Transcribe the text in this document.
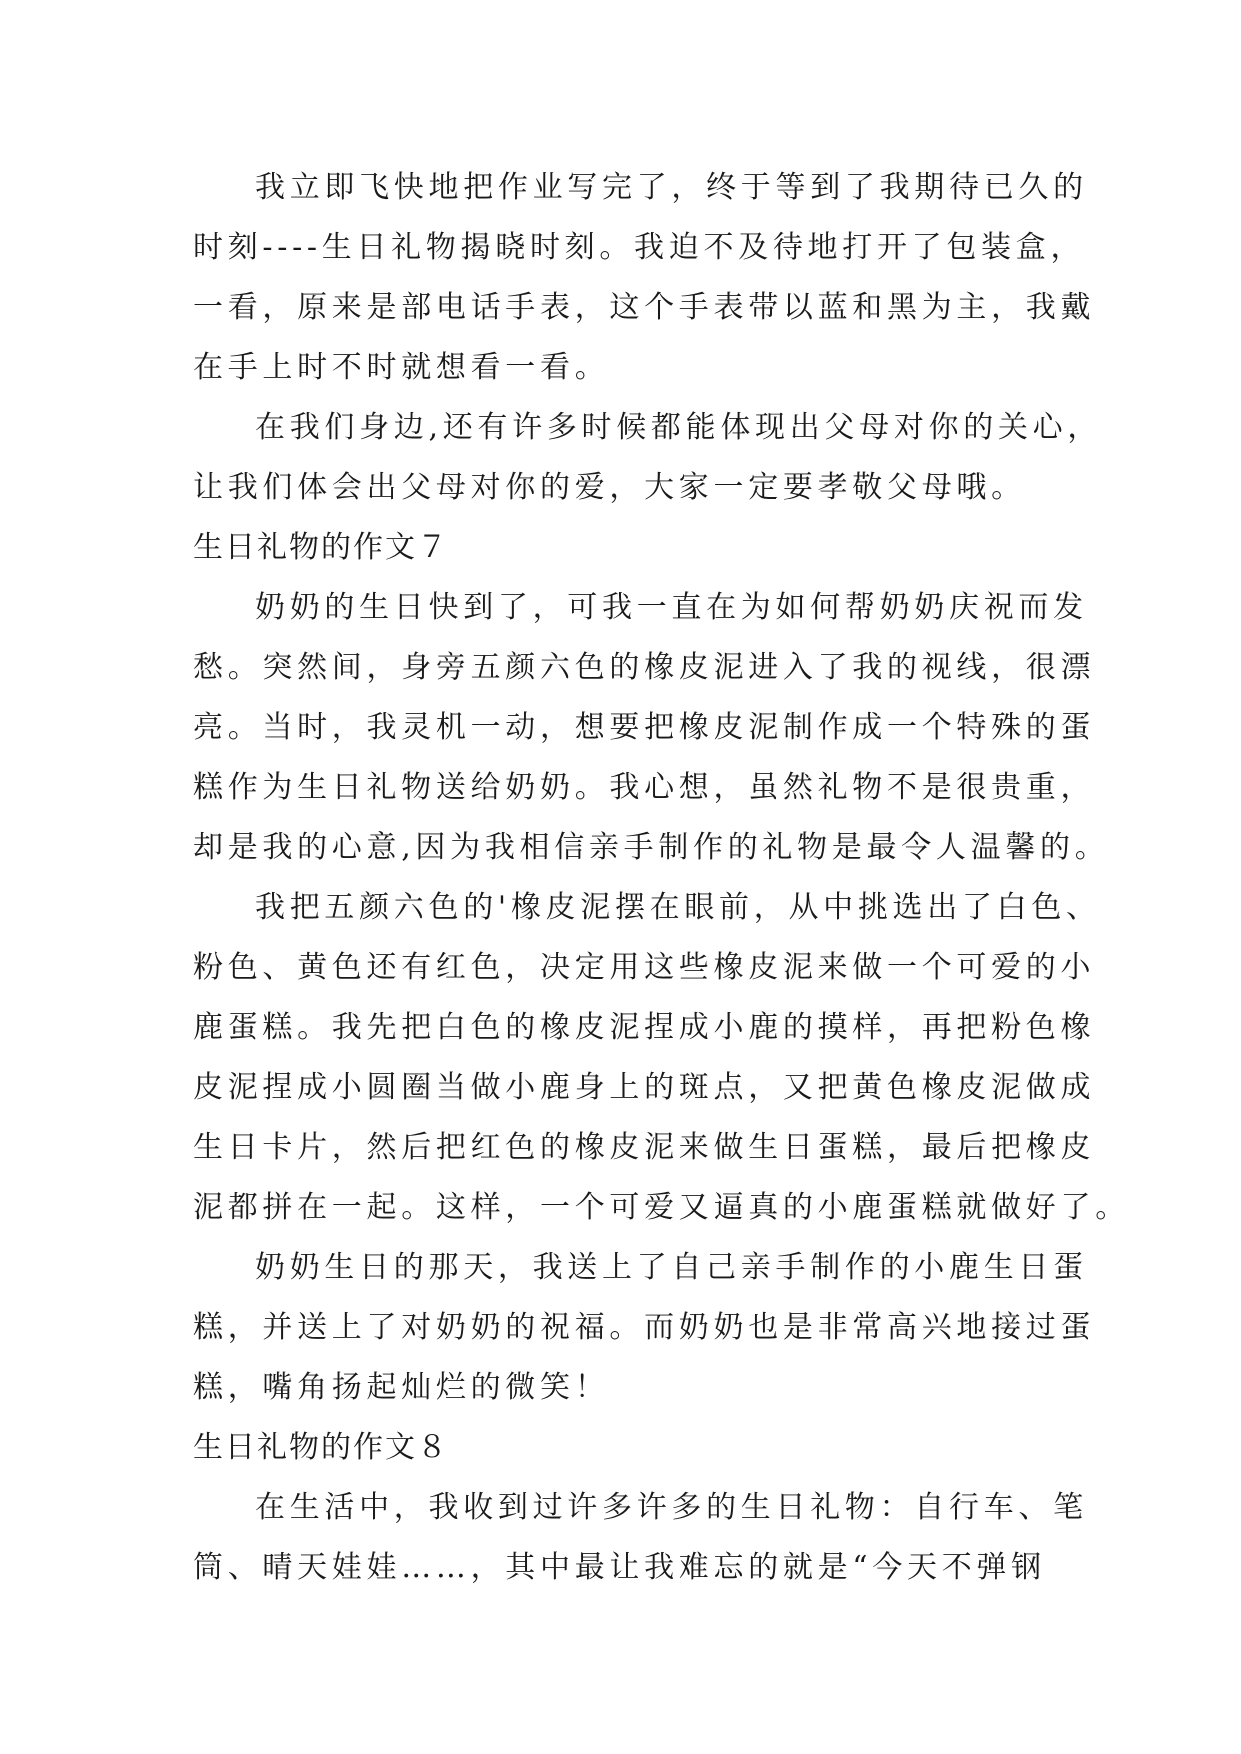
我立即飞快地把作业写完了，终于等到了我期待已久的
时刻----生日礼物揭晓时刻。我迫不及待地打开了包装盒，
一看，原来是部电话手表，这个手表带以蓝和黑为主，我戴
在手上时不时就想看一看。
在我们身边,还有许多时候都能体现出父母对你的关心，
让我们体会出父母对你的爱，大家一定要孝敬父母哦。
生日礼物的作文７
奶奶的生日快到了，可我一直在为如何帮奶奶庆祝而发
愁。突然间，身旁五颜六色的橡皮泥进入了我的视线，很漂
亮。当时，我灵机一动，想要把橡皮泥制作成一个特殊的蛋
糕作为生日礼物送给奶奶。我心想，虽然礼物不是很贵重，
却是我的心意,因为我相信亲手制作的礼物是最令人温馨的。
我把五颜六色的'橡皮泥摆在眼前，从中挑选出了白色、
粉色、黄色还有红色，决定用这些橡皮泥来做一个可爱的小
鹿蛋糕。我先把白色的橡皮泥捏成小鹿的摸样，再把粉色橡
皮泥捏成小圆圈当做小鹿身上的斑点，又把黄色橡皮泥做成
生日卡片，然后把红色的橡皮泥来做生日蛋糕，最后把橡皮
泥都拼在一起。这样，一个可爱又逼真的小鹿蛋糕就做好了。
奶奶生日的那天，我送上了自己亲手制作的小鹿生日蛋
糕，并送上了对奶奶的祝福。而奶奶也是非常高兴地接过蛋
糕，嘴角扬起灿烂的微笑！
生日礼物的作文８
在生活中，我收到过许多许多的生日礼物：自行车、笔
筒、晴天娃娃……，其中最让我难忘的就是“今天不弹钢
